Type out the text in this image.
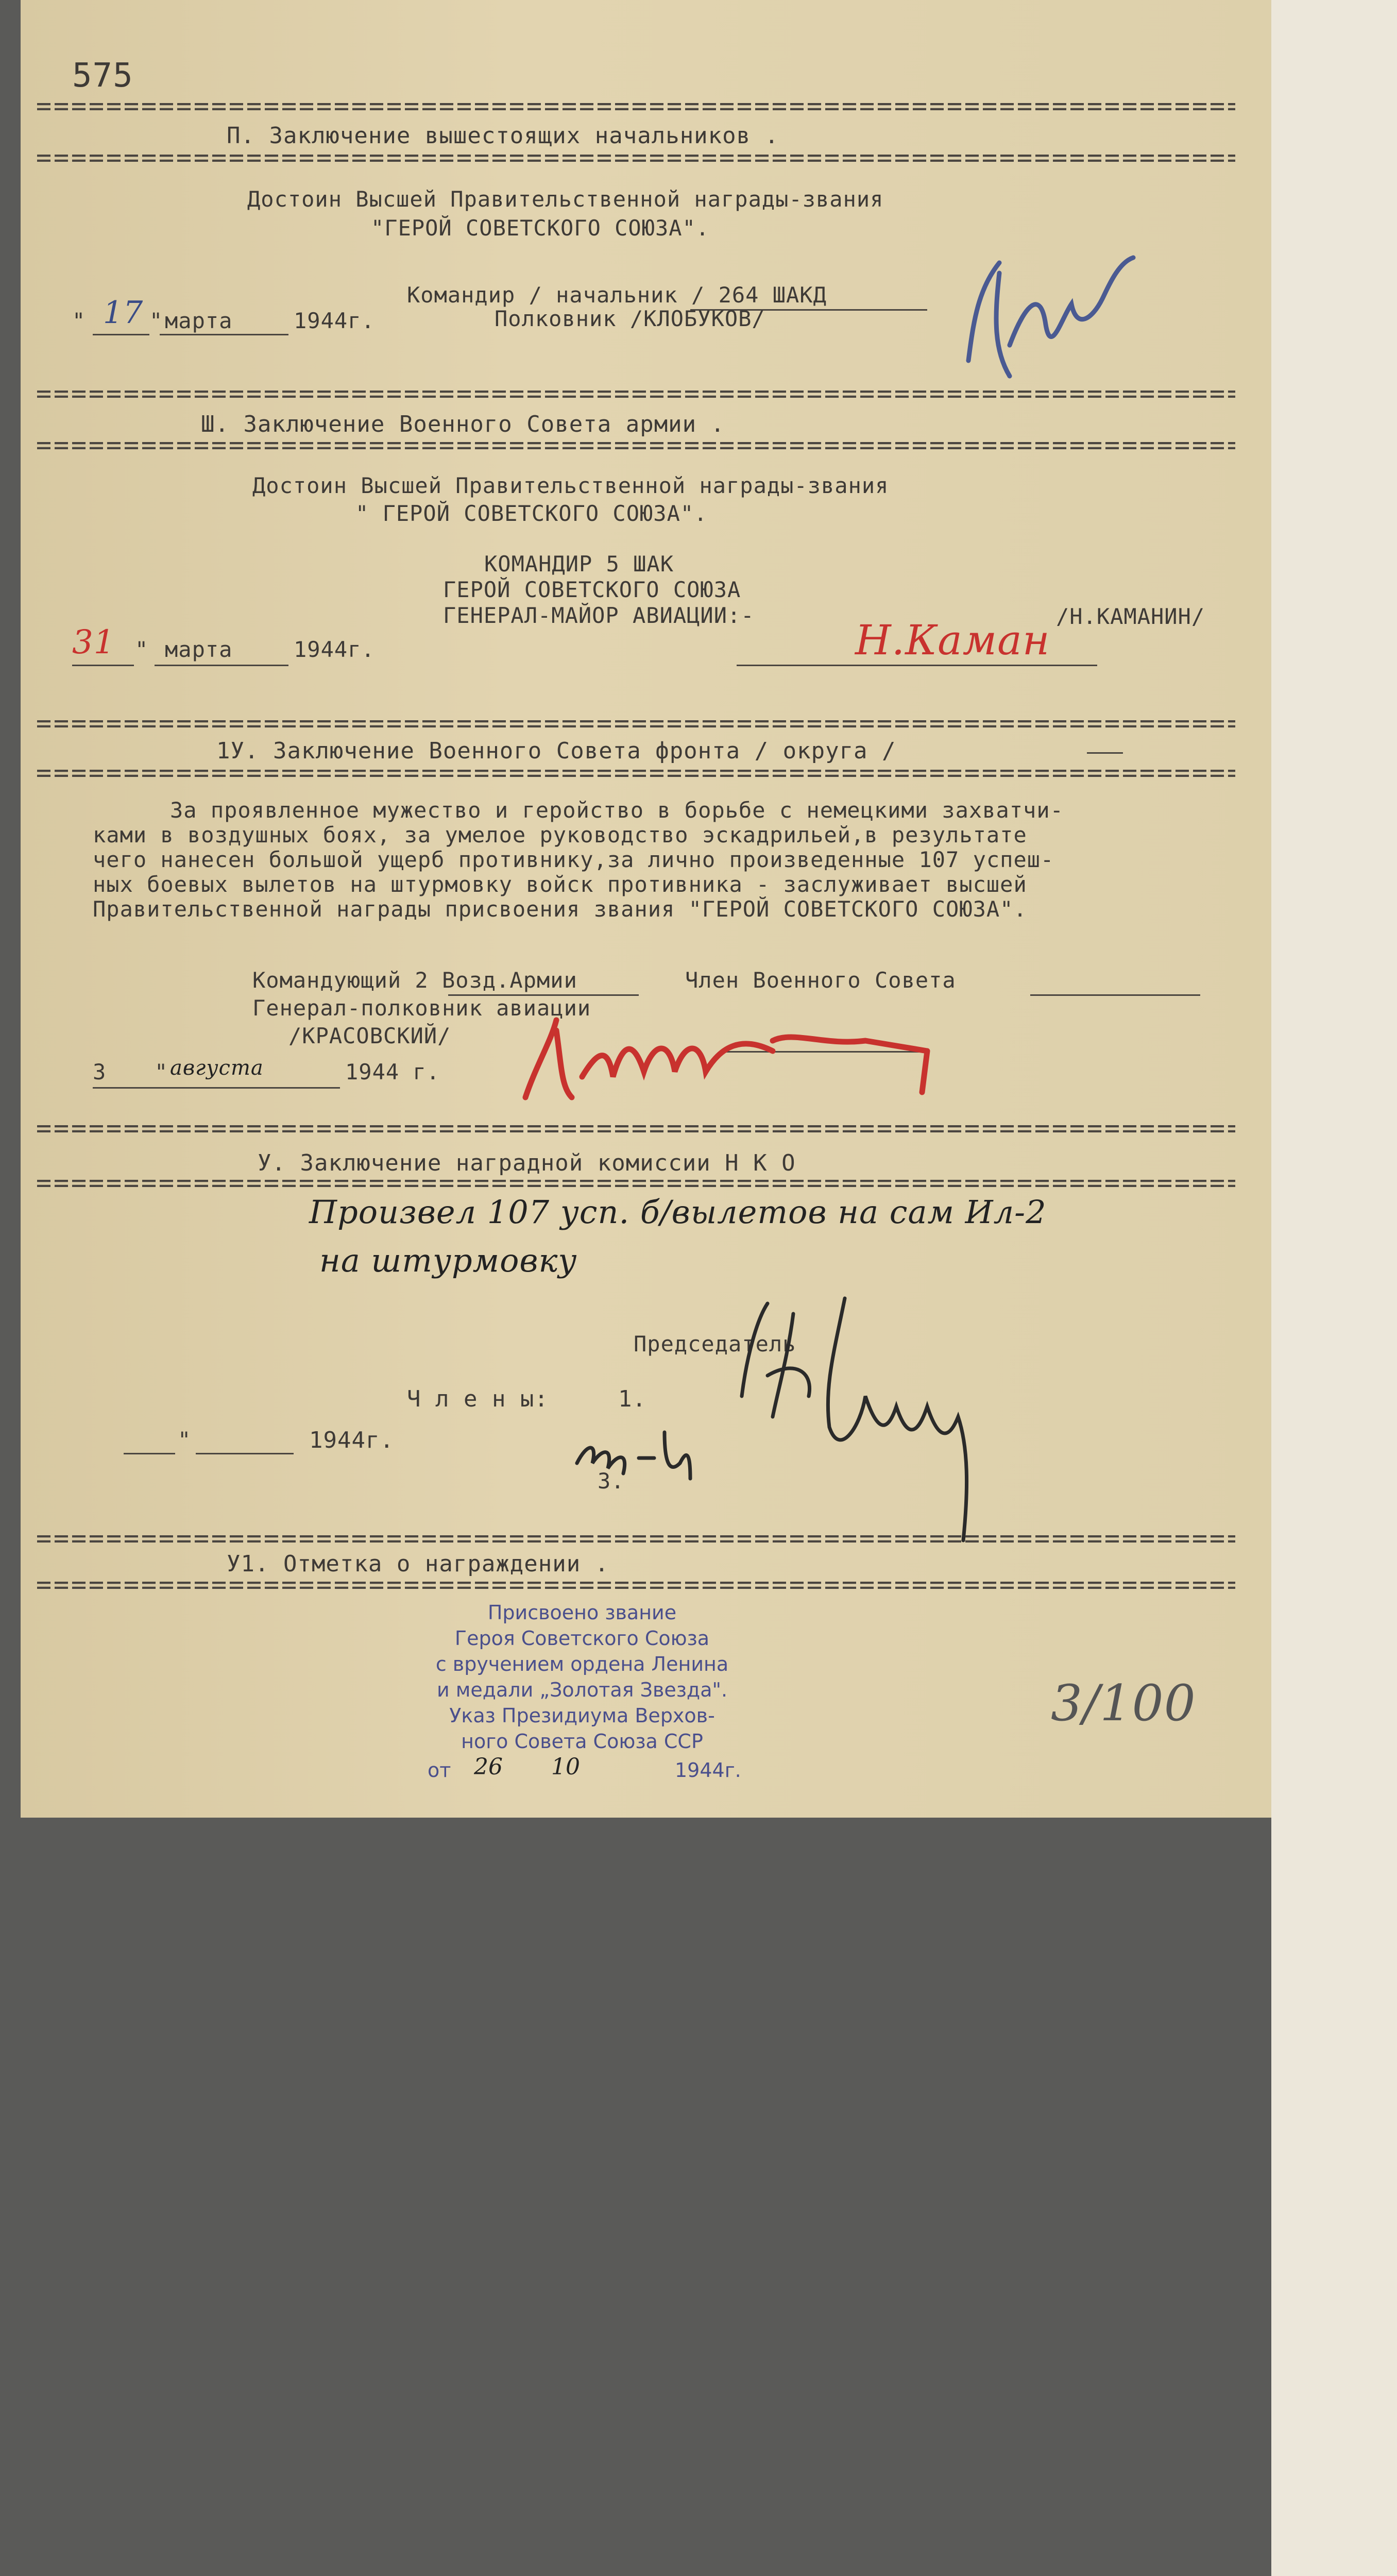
575
П. Заключение вышестоящих начальников .
Достоин Высшей Правительственной награды-звания
"ГЕРОЙ СОВЕТСКОГО СОЮЗА".
Командир / начальник / 264 ШАКД
Полковник /КЛОБУКОВ/
" 17 " марта	1944г.
Ш. Заключение Военного Совета армии .
Достоин Высшей Правительственной награды-звания
" ГЕРОЙ СОВЕТСКОГО СОЮЗА".
КОМАНДИР 5 ШАК
ГЕРОЙ СОВЕТСКОГО СОЮЗА
ГЕНЕРАЛ-МАЙОР АВИАЦИИ:-	/Н.КАМАНИН/
31 " марта	1944г.	Н.Каман
1У. Заключение Военного Совета фронта / округа /
За проявленное мужество и геройство в борьбе с немецкими захватчи-
ками в воздушных боях, за умелое руководство эскадрильей,в результате
чего нанесен большой ущерб противнику,за лично произведенные 107 успеш-
ных боевых вылетов на штурмовку войск противника - заслуживает высшей
Правительственной награды присвоения звания "ГЕРОЙ СОВЕТСКОГО СОЮЗА".
Командующий 2 Возд.Армии	Член Военного Совета
Генерал-полковник авиации
/КРАСОВСКИЙ/
3 " августа	1944 г.
У. Заключение наградной комиссии Н К О
Произвел 107 усп. б/вылетов на сам Ил-2
на штурмовку
Председатель
Ч л е н ы:	1.
3.
"	1944г.
У1. Отметка о награждении .
Присвоено звание
Героя Советского Союза
с вручением ордена Ленина
и медали „Золотая Звезда".
Указ Президиума Верхов-
ного Совета Союза ССР
от 26 10	1944г.
3/100
